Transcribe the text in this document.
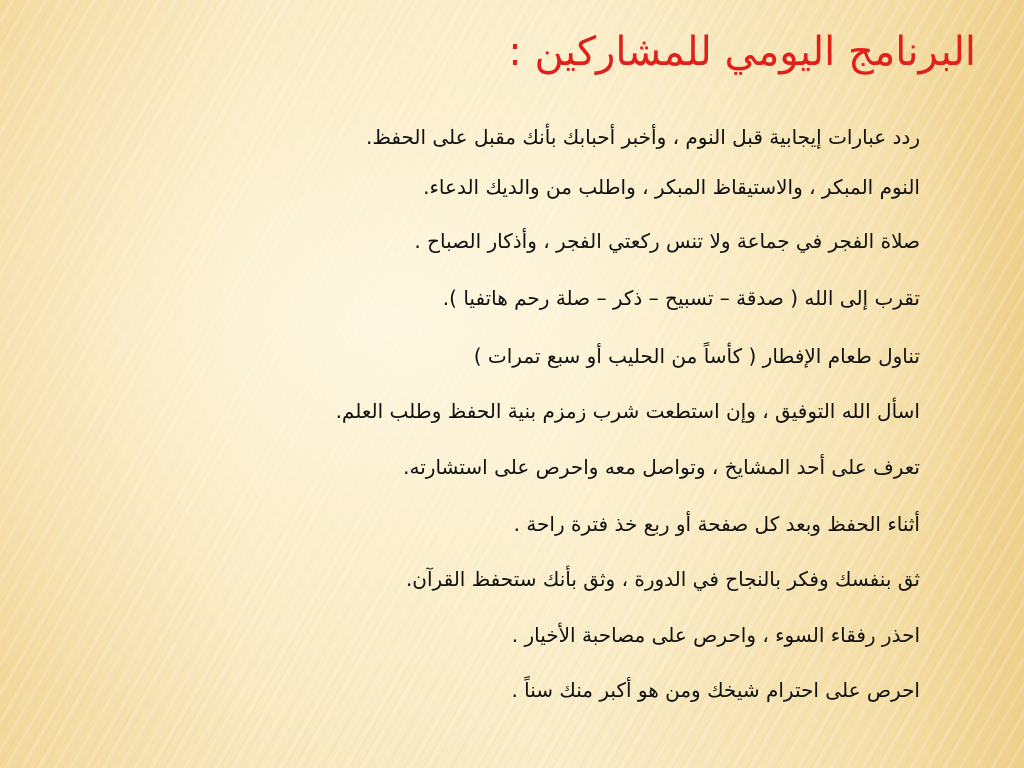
البرنامج اليومي للمشاركين :
ردد عبارات إيجابية قبل النوم ، وأخبر أحبابك بأنك مقبل على الحفظ.
النوم المبكر ، والاستيقاظ المبكر ، واطلب من والديك الدعاء.
صلاة الفجر في جماعة ولا تنس ركعتي الفجر ، وأذكار الصباح .
تقرب إلى الله ( صدقة – تسبيح – ذكر – صلة رحم هاتفيا ).
تناول طعام الإفطار ( كأساً من الحليب أو سبع تمرات )
اسأل الله التوفيق ، وإن استطعت شرب زمزم بنية الحفظ وطلب العلم.
تعرف على أحد المشايخ ، وتواصل معه واحرص على استشارته.
أثناء الحفظ وبعد كل صفحة أو ربع خذ فترة راحة .
ثق بنفسك وفكر بالنجاح في الدورة ، وثق بأنك ستحفظ القرآن.
احذر رفقاء السوء ، واحرص على مصاحبة الأخيار .
احرص على احترام شيخك ومن هو أكبر منك سناً .
